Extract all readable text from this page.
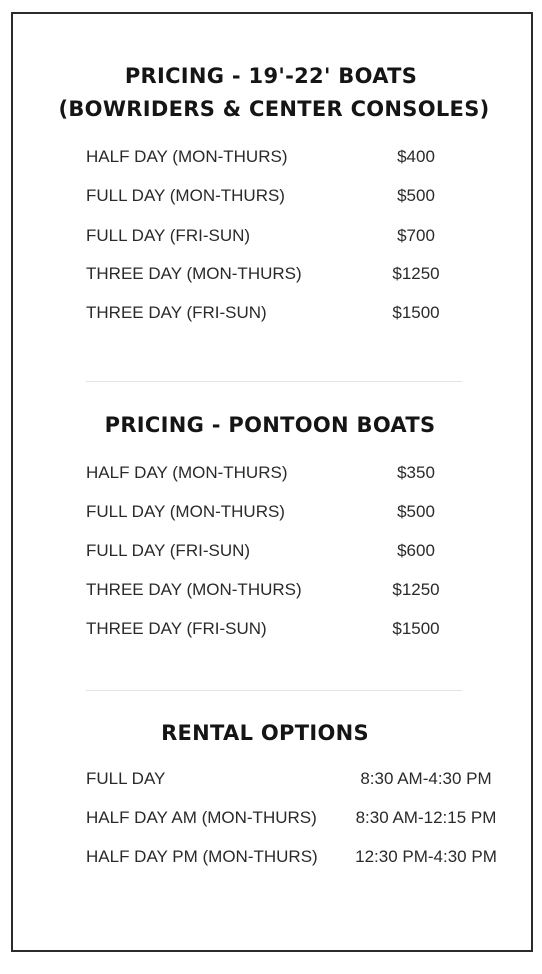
PRICING - 19'-22' BOATS
(BOWRIDERS & CENTER CONSOLES)
HALF DAY (MON-THURS)	$400
FULL DAY (MON-THURS)	$500
FULL DAY (FRI-SUN)	$700
THREE DAY (MON-THURS)	$1250
THREE DAY (FRI-SUN)	$1500
PRICING - PONTOON BOATS
HALF DAY (MON-THURS)	$350
FULL DAY (MON-THURS)	$500
FULL DAY (FRI-SUN)	$600
THREE DAY (MON-THURS)	$1250
THREE DAY (FRI-SUN)	$1500
RENTAL OPTIONS
FULL DAY	8:30 AM-4:30 PM
HALF DAY AM (MON-THURS) 8:30 AM-12:15 PM
HALF DAY PM (MON-THURS) 12:30 PM-4:30 PM
